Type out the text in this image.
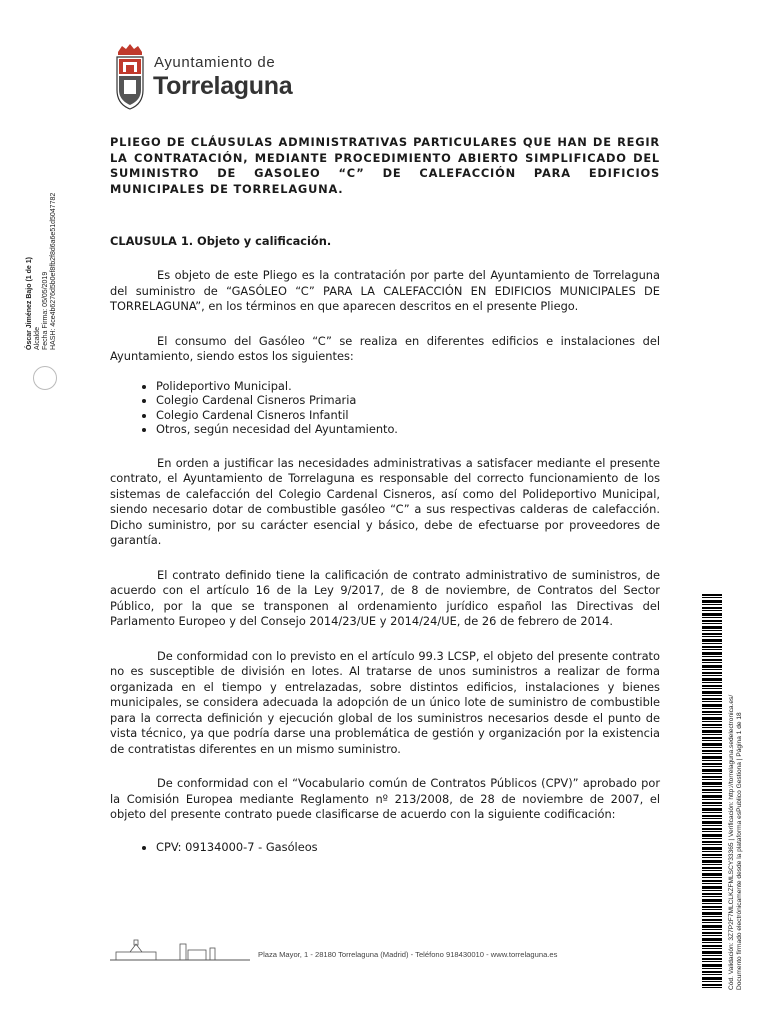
Ayuntamiento de
Torrelaguna
Óscar Jiménez Bajo (1 de 1) Alcalde Fecha Firma: 05/05/2019 HASH: 4ce4b6276d5b0ef8fb2f8d6a6e51d5047782

PLIEGO DE CLÁUSULAS ADMINISTRATIVAS PARTICULARES QUE HAN DE REGIR LA CONTRATACIÓN, MEDIANTE PROCEDIMIENTO ABIERTO SIMPLIFICADO DEL SUMINISTRO DE GASOLEO “C” DE CALEFACCIÓN PARA EDIFICIOS MUNICIPALES DE TORRELAGUNA.

CLAUSULA 1. Objeto y calificación.

Es objeto de este Pliego es la contratación por parte del Ayuntamiento de Torrelaguna del suministro de “GASÓLEO “C” PARA LA CALEFACCIÓN EN EDIFICIOS MUNICIPALES DE TORRELAGUNA”, en los términos en que aparecen descritos en el presente Pliego.

El consumo del Gasóleo “C” se realiza en diferentes edificios e instalaciones del Ayuntamiento, siendo estos los siguientes:

• Polideportivo Municipal.
• Colegio Cardenal Cisneros Primaria
• Colegio Cardenal Cisneros Infantil
• Otros, según necesidad del Ayuntamiento.

En orden a justificar las necesidades administrativas a satisfacer mediante el presente contrato, el Ayuntamiento de Torrelaguna es responsable del correcto funcionamiento de los sistemas de calefacción del Colegio Cardenal Cisneros, así como del Polideportivo Municipal, siendo necesario dotar de combustible gasóleo “C” a sus respectivas calderas de calefacción. Dicho suministro, por su carácter esencial y básico, debe de efectuarse por proveedores de garantía.

El contrato definido tiene la calificación de contrato administrativo de suministros, de acuerdo con el artículo 16 de la Ley 9/2017, de 8 de noviembre, de Contratos del Sector Público, por la que se transponen al ordenamiento jurídico español las Directivas del Parlamento Europeo y del Consejo 2014/23/UE y 2014/24/UE, de 26 de febrero de 2014.

De conformidad con lo previsto en el artículo 99.3 LCSP, el objeto del presente contrato no es susceptible de división en lotes. Al tratarse de unos suministros a realizar de forma organizada en el tiempo y entrelazadas, sobre distintos edificios, instalaciones y bienes municipales, se considera adecuada la adopción de un único lote de suministro de combustible para la correcta definición y ejecución global de los suministros necesarios desde el punto de vista técnico, ya que podría darse una problemática de gestión y organización por la existencia de contratistas diferentes en un mismo suministro.

De conformidad con el “Vocabulario común de Contratos Públicos (CPV)” aprobado por la Comisión Europea mediante Reglamento nº 213/2008, de 28 de noviembre de 2007, el objeto del presente contrato puede clasificarse de acuerdo con la siguiente codificación:

• CPV: 09134000-7 - Gasóleos
Plaza Mayor, 1 - 28180 Torrelaguna (Madrid) - Teléfono 918430010 - www.torrelaguna.es	Cód. Validación: 3Z7P2F7MLCLKZFMLSCY33365 | Verificación: http://torrelaguna.sedelectronica.es/ Documento firmado electrónicamente desde la plataforma esPublico Gestiona | Página 1 de 18
